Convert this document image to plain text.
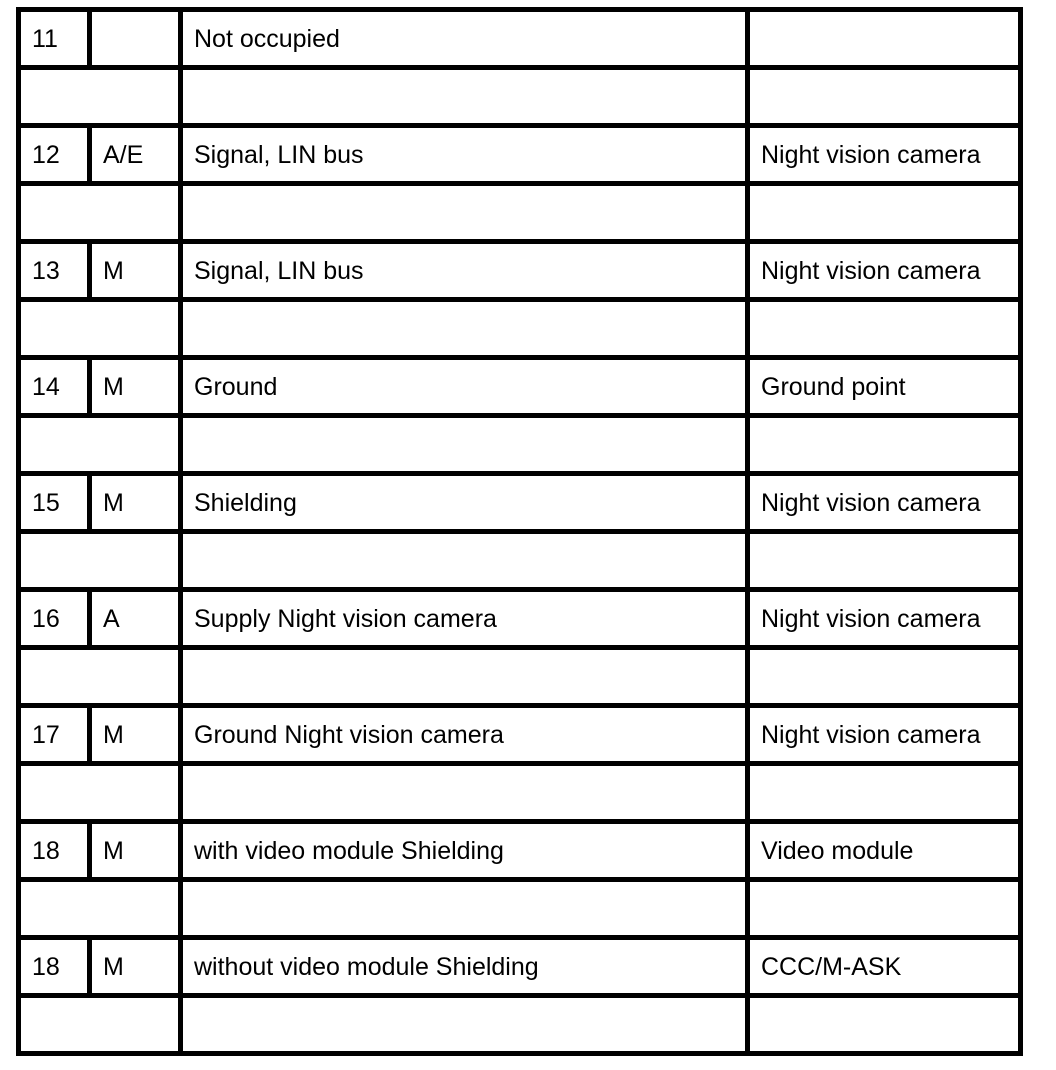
11		Not occupied	

12	A/E	Signal, LIN bus	Night vision camera

13	M	Signal, LIN bus	Night vision camera

14	M	Ground	Ground point

15	M	Shielding	Night vision camera

16	A	Supply Night vision camera	Night vision camera

17	M	Ground Night vision camera	Night vision camera

18	M	with video module Shielding	Video module

18	M	without video module Shielding	CCC/M-ASK
